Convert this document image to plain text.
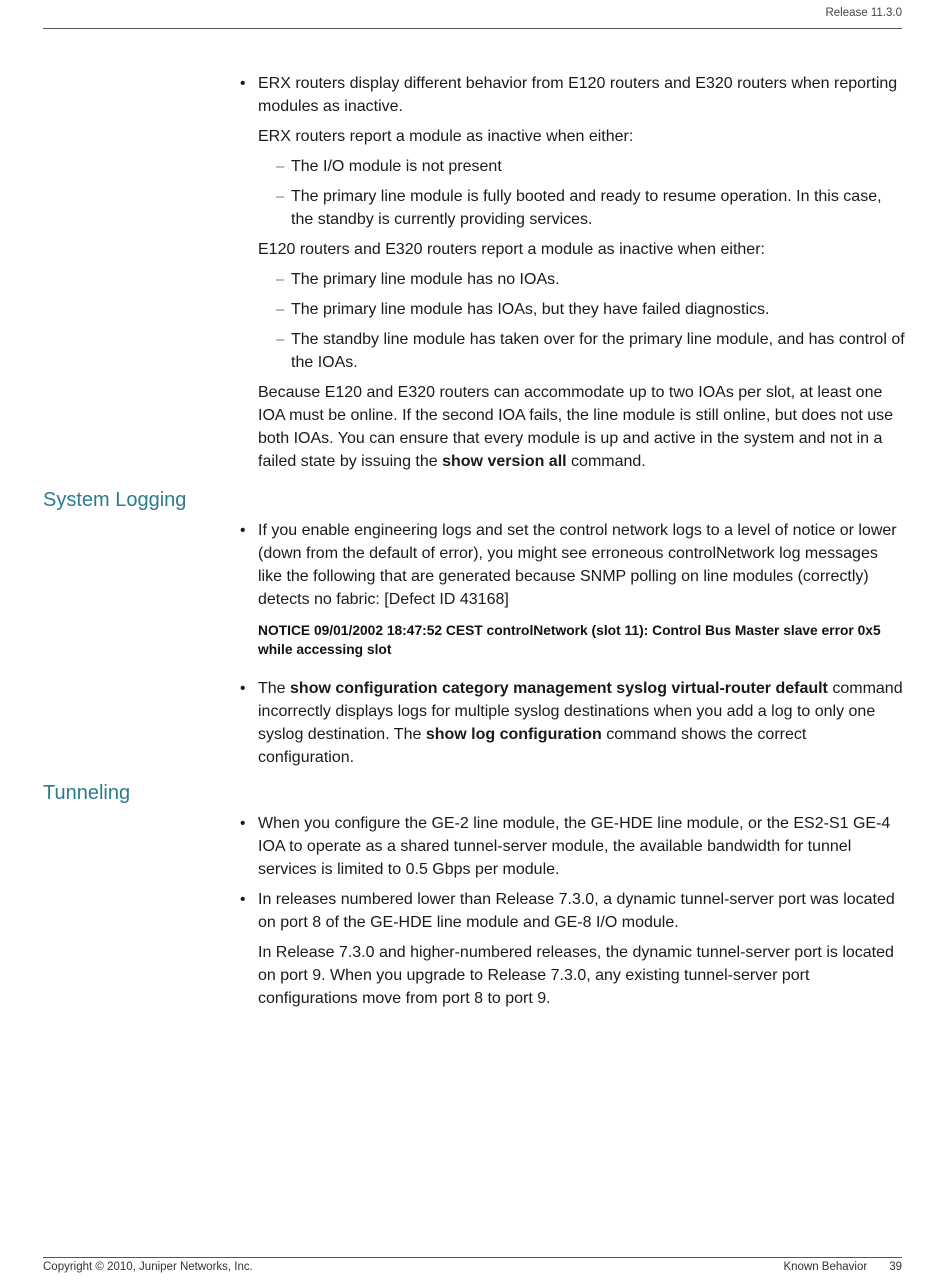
Release 11.3.0
• ERX routers display different behavior from E120 routers and E320 routers when reporting modules as inactive.

ERX routers report a module as inactive when either:

– The I/O module is not present

– The primary line module is fully booted and ready to resume operation. In this case, the standby is currently providing services.

E120 routers and E320 routers report a module as inactive when either:

– The primary line module has no IOAs.

– The primary line module has IOAs, but they have failed diagnostics.

– The standby line module has taken over for the primary line module, and has control of the IOAs.

Because E120 and E320 routers can accommodate up to two IOAs per slot, at least one IOA must be online. If the second IOA fails, the line module is still online, but does not use both IOAs. You can ensure that every module is up and active in the system and not in a failed state by issuing the show version all command.

System Logging
• If you enable engineering logs and set the control network logs to a level of notice or lower (down from the default of error), you might see erroneous controlNetwork log messages like the following that are generated because SNMP polling on line modules (correctly) detects no fabric: [Defect ID 43168]

NOTICE 09/01/2002 18:47:52 CEST controlNetwork (slot 11): Control Bus Master slave error 0x5 while accessing slot

• The show configuration category management syslog virtual-router default command incorrectly displays logs for multiple syslog destinations when you add a log to only one syslog destination. The show log configuration command shows the correct configuration.

Tunneling
• When you configure the GE-2 line module, the GE-HDE line module, or the ES2-S1 GE-4 IOA to operate as a shared tunnel-server module, the available bandwidth for tunnel services is limited to 0.5 Gbps per module.

• In releases numbered lower than Release 7.3.0, a dynamic tunnel-server port was located on port 8 of the GE-HDE line module and GE-8 I/O module.

In Release 7.3.0 and higher-numbered releases, the dynamic tunnel-server port is located on port 9. When you upgrade to Release 7.3.0, any existing tunnel-server port configurations move from port 8 to port 9.

Copyright © 2010, Juniper Networks, Inc.	Known Behavior 39
